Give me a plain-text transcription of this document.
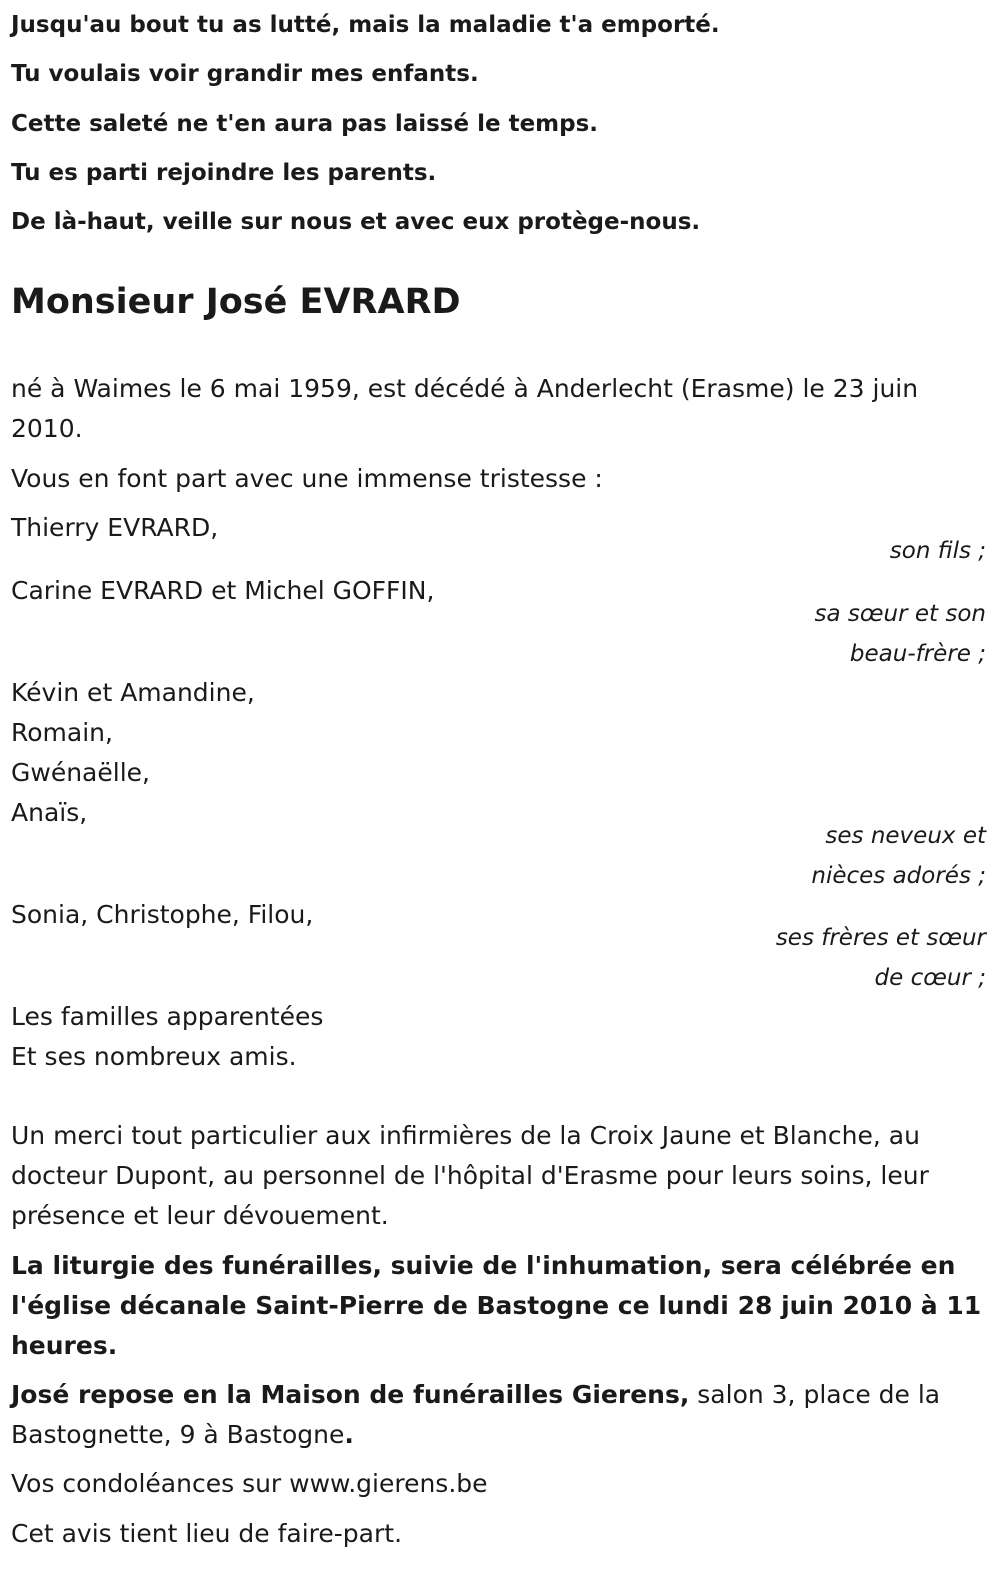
Jusqu'au bout tu as lutté, mais la maladie t'a emporté.
Tu voulais voir grandir mes enfants.
Cette saleté ne t'en aura pas laissé le temps.
Tu es parti rejoindre les parents.
De là-haut, veille sur nous et avec eux protège-nous.
Monsieur José EVRARD
né à Waimes le 6 mai 1959, est décédé à Anderlecht (Erasme) le 23 juin
2010.
Vous en font part avec une immense tristesse :
Thierry EVRARD,
son fils ;
Carine EVRARD et Michel GOFFIN,
sa sœur et son
beau-frère ;
Kévin et Amandine,
Romain,
Gwénaëlle,
Anaïs,
ses neveux et
nièces adorés ;
Sonia, Christophe, Filou,
ses frères et sœur
de cœur ;
Les familles apparentées
Et ses nombreux amis.
Un merci tout particulier aux infirmières de la Croix Jaune et Blanche, au
docteur Dupont, au personnel de l'hôpital d'Erasme pour leurs soins, leur
présence et leur dévouement.
La liturgie des funérailles, suivie de l'inhumation, sera célébrée en
l'église décanale Saint-Pierre de Bastogne ce lundi 28 juin 2010 à 11
heures.
José repose en la Maison de funérailles Gierens, salon 3, place de la
Bastognette, 9 à Bastogne.
Vos condoléances sur www.gierens.be
Cet avis tient lieu de faire-part.
